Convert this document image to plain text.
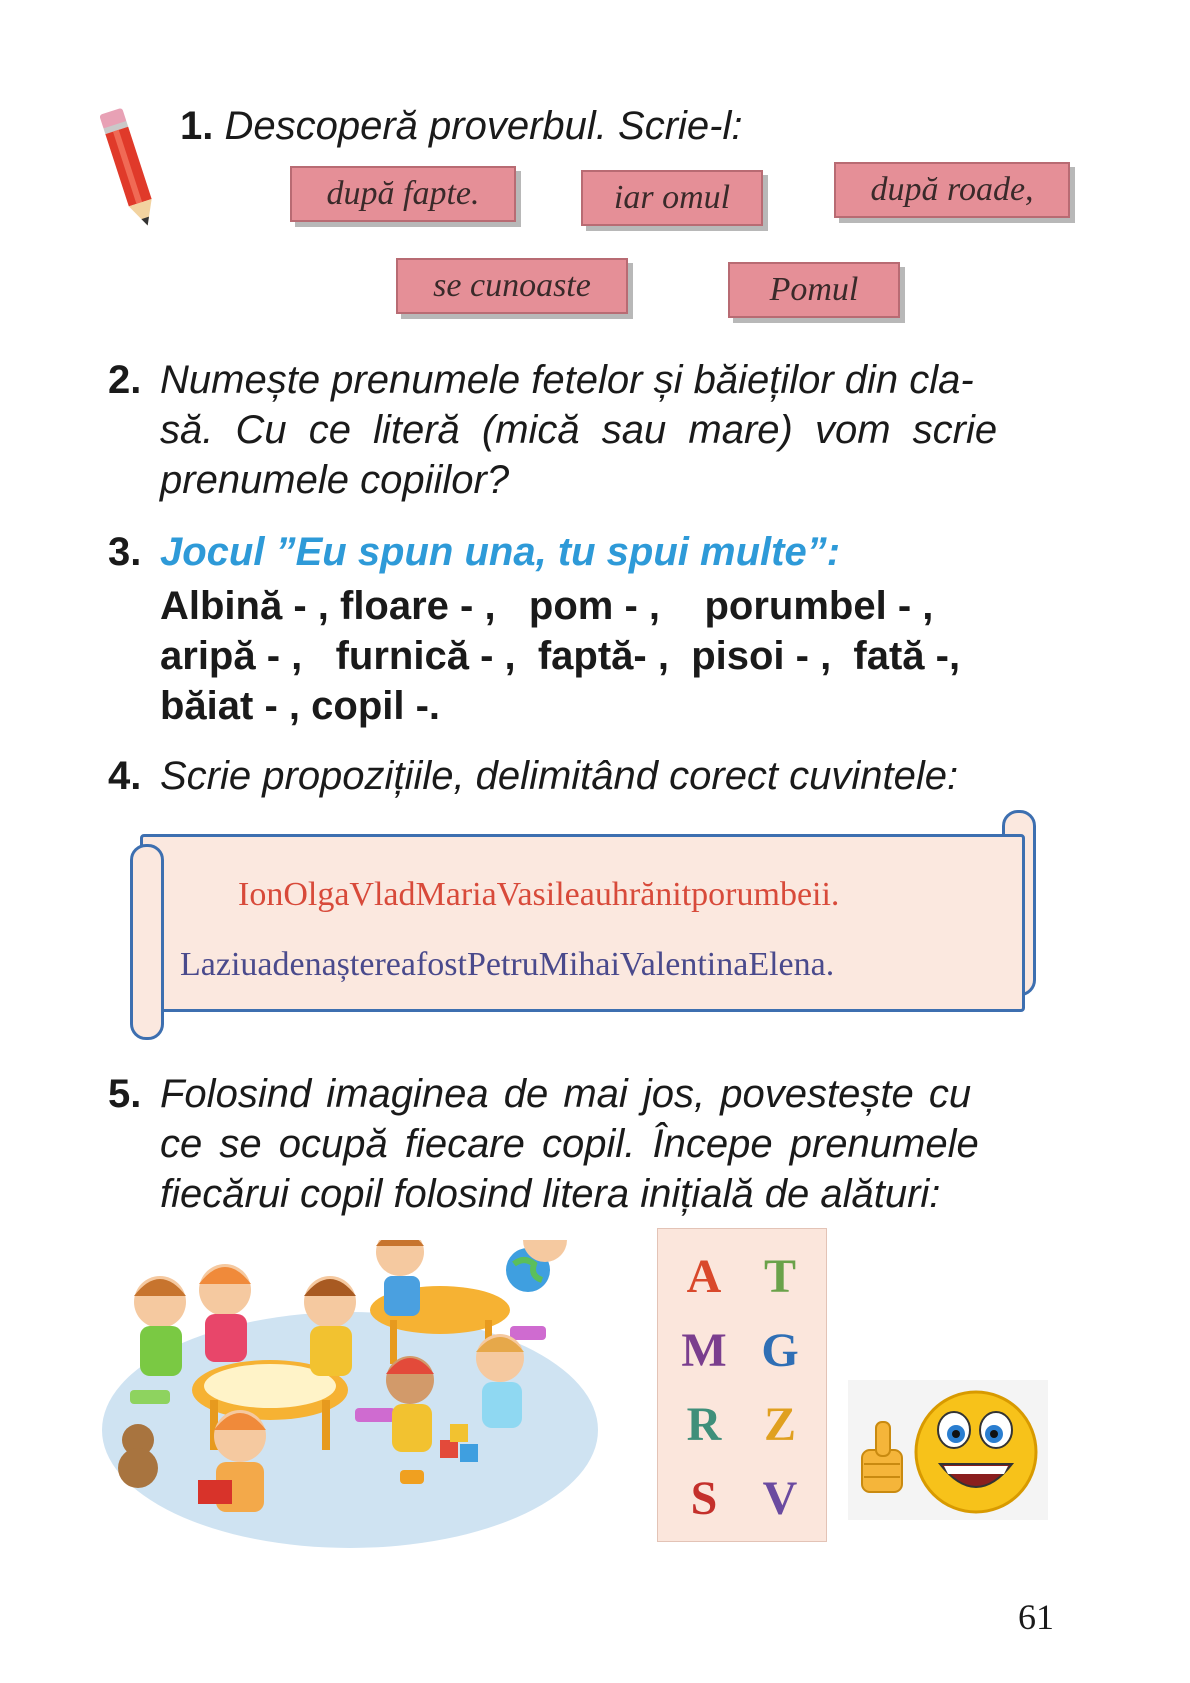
1. Descoperă proverbul. Scrie-l:
după fapte.	iar omul	după roade,
se cunoaste	Pomul
2. Numește prenumele fetelor și băieților din cla-
să. Cu ce literă (mică sau mare) vom scrie
prenumele copiilor?
3. Jocul ”Eu spun una, tu spui multe”:
Albină - , floare - ,   pom - ,    porumbel - ,
aripă - ,   furnică - ,  faptă- ,  pisoi - ,  fată -,
băiat - , copil -.
4. Scrie propozițiile, delimitând corect cuvintele:
IonOlgaVladMariaVasileauhrănitporumbeii.
LaziuadenaștereafostPetruMihaiValentinaElena.
5. Folosind imaginea de mai jos, povestește cu
ce se ocupă fiecare copil. Începe prenumele
fiecărui copil folosind litera inițială de alături:
A T
M G
R Z
S V
61
